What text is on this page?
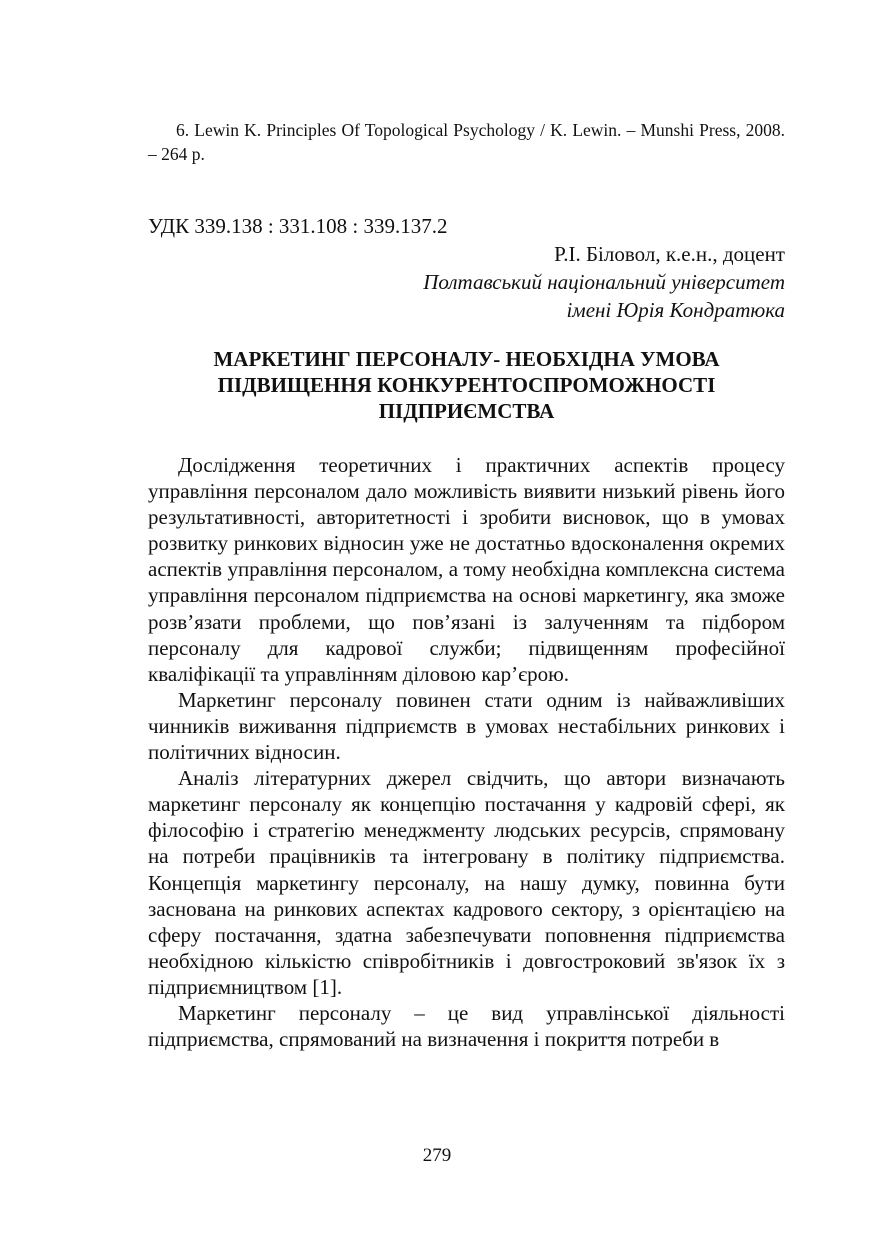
6. Lewin K. Principles Of Topological Psychology / K. Lewin. – Munshi Press, 2008. – 264 p.

УДК 339.138 : 331.108 : 339.137.2

Р.І. Біловол, к.е.н., доцент
Полтавський національний університет
імені Юрія Кондратюка
МАРКЕТИНГ ПЕРСОНАЛУ- НЕОБХІДНА УМОВА
ПІДВИЩЕННЯ КОНКУРЕНТОСПРОМОЖНОСТІ
ПІДПРИЄМСТВА

Дослідження теоретичних і практичних аспектів процесу управління персоналом дало можливість виявити низький рівень його результативності, авторитетності і зробити висновок, що в умовах розвитку ринкових відносин уже не достатньо вдосконалення окремих аспектів управління персоналом, а тому необхідна комплексна система управління персоналом підприємства на основі маркетингу, яка зможе розв’язати проблеми, що пов’язані із залученням та підбором персоналу для кадрової служби; підвищенням професійної кваліфікації та управлінням діловою кар’єрою.

Маркетинг персоналу повинен стати одним із найважливіших чинників виживання підприємств в умовах нестабільних ринкових і політичних відносин.

Аналіз літературних джерел свідчить, що автори визначають маркетинг персоналу як концепцію постачання у кадровій сфері, як філософію і стратегію менеджменту людських ресурсів, спрямовану на потреби працівників та інтегровану в політику підприємства. Концепція маркетингу персоналу, на нашу думку, повинна бути заснована на ринкових аспектах кадрового сектору, з орієнтацією на сферу постачання, здатна забезпечувати поповнення підприємства необхідною кількістю співробітників і довгостроковий зв'язок їх з підприємництвом [1].

Маркетинг персоналу – це вид управлінської діяльності підприємства, спрямований на визначення і покриття потреби в

279
